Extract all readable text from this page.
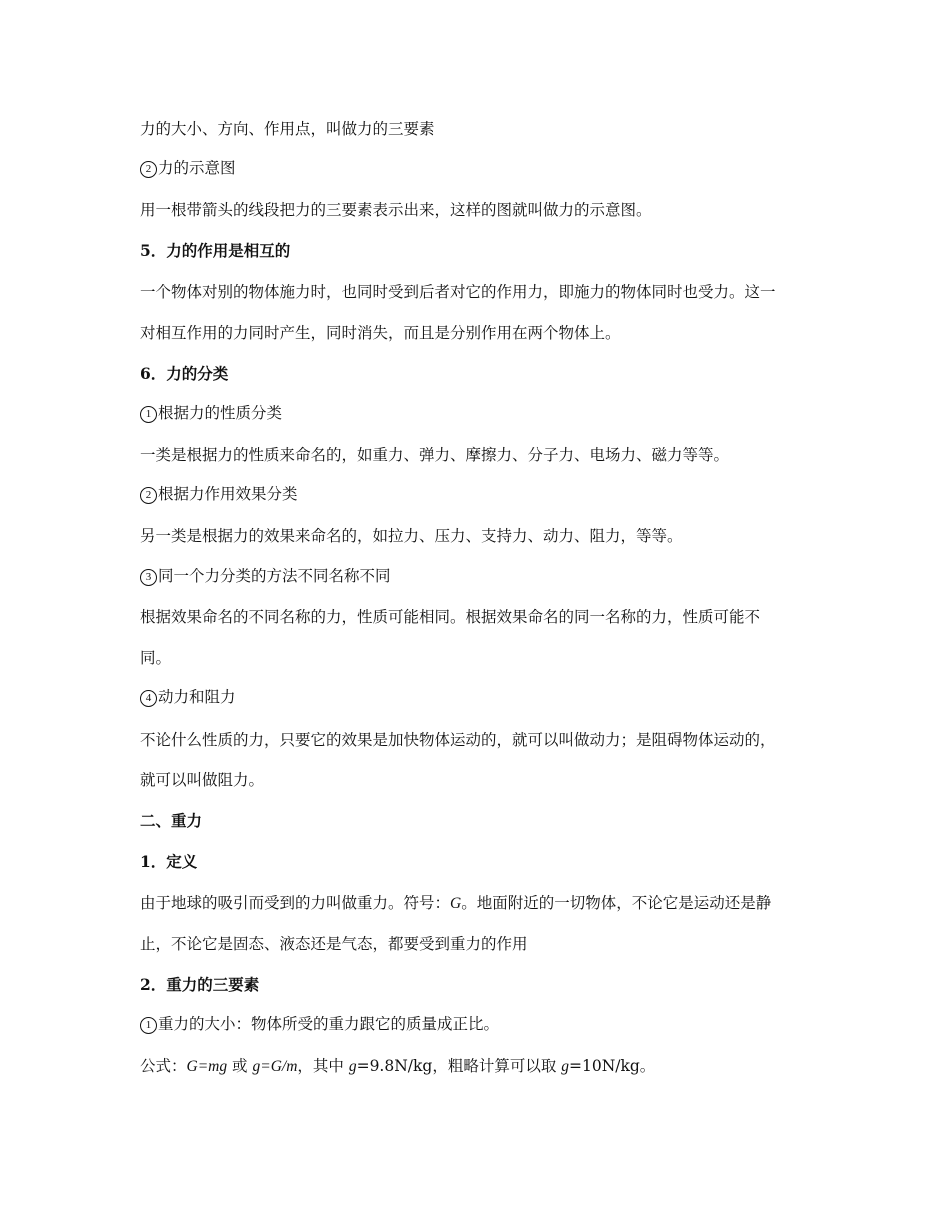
力的大小、方向、作用点，叫做力的三要素
2 力的示意图
用一根带箭头的线段把力的三要素表示出来，这样的图就叫做力的示意图。
5．力的作用是相互的
一个物体对别的物体施力时，也同时受到后者对它的作用力，即施力的物体同时也受力。这一
对相互作用的力同时产生，同时消失，而且是分别作用在两个物体上。
6．力的分类
1 根据力的性质分类
一类是根据力的性质来命名的，如重力、弹力、摩擦力、分子力、电场力、磁力等等。
2 根据力作用效果分类
另一类是根据力的效果来命名的，如拉力、压力、支持力、动力、阻力，等等。
3 同一个力分类的方法不同名称不同
根据效果命名的不同名称的力，性质可能相同。根据效果命名的同一名称的力，性质可能不
同。
4 动力和阻力
不论什么性质的力，只要它的效果是加快物体运动的，就可以叫做动力；是阻碍物体运动的，
就可以叫做阻力。
二、重力
1．定义
由于地球的吸引而受到的力叫做重力。符号：G。地面附近的一切物体，不论它是运动还是静
止，不论它是固态、液态还是气态，都要受到重力的作用
2．重力的三要素
1 重力的大小：物体所受的重力跟它的质量成正比。
公式：G=mg 或 g=G/m，其中 g=9.8N/kg，粗略计算可以取 g=10N/kg。
